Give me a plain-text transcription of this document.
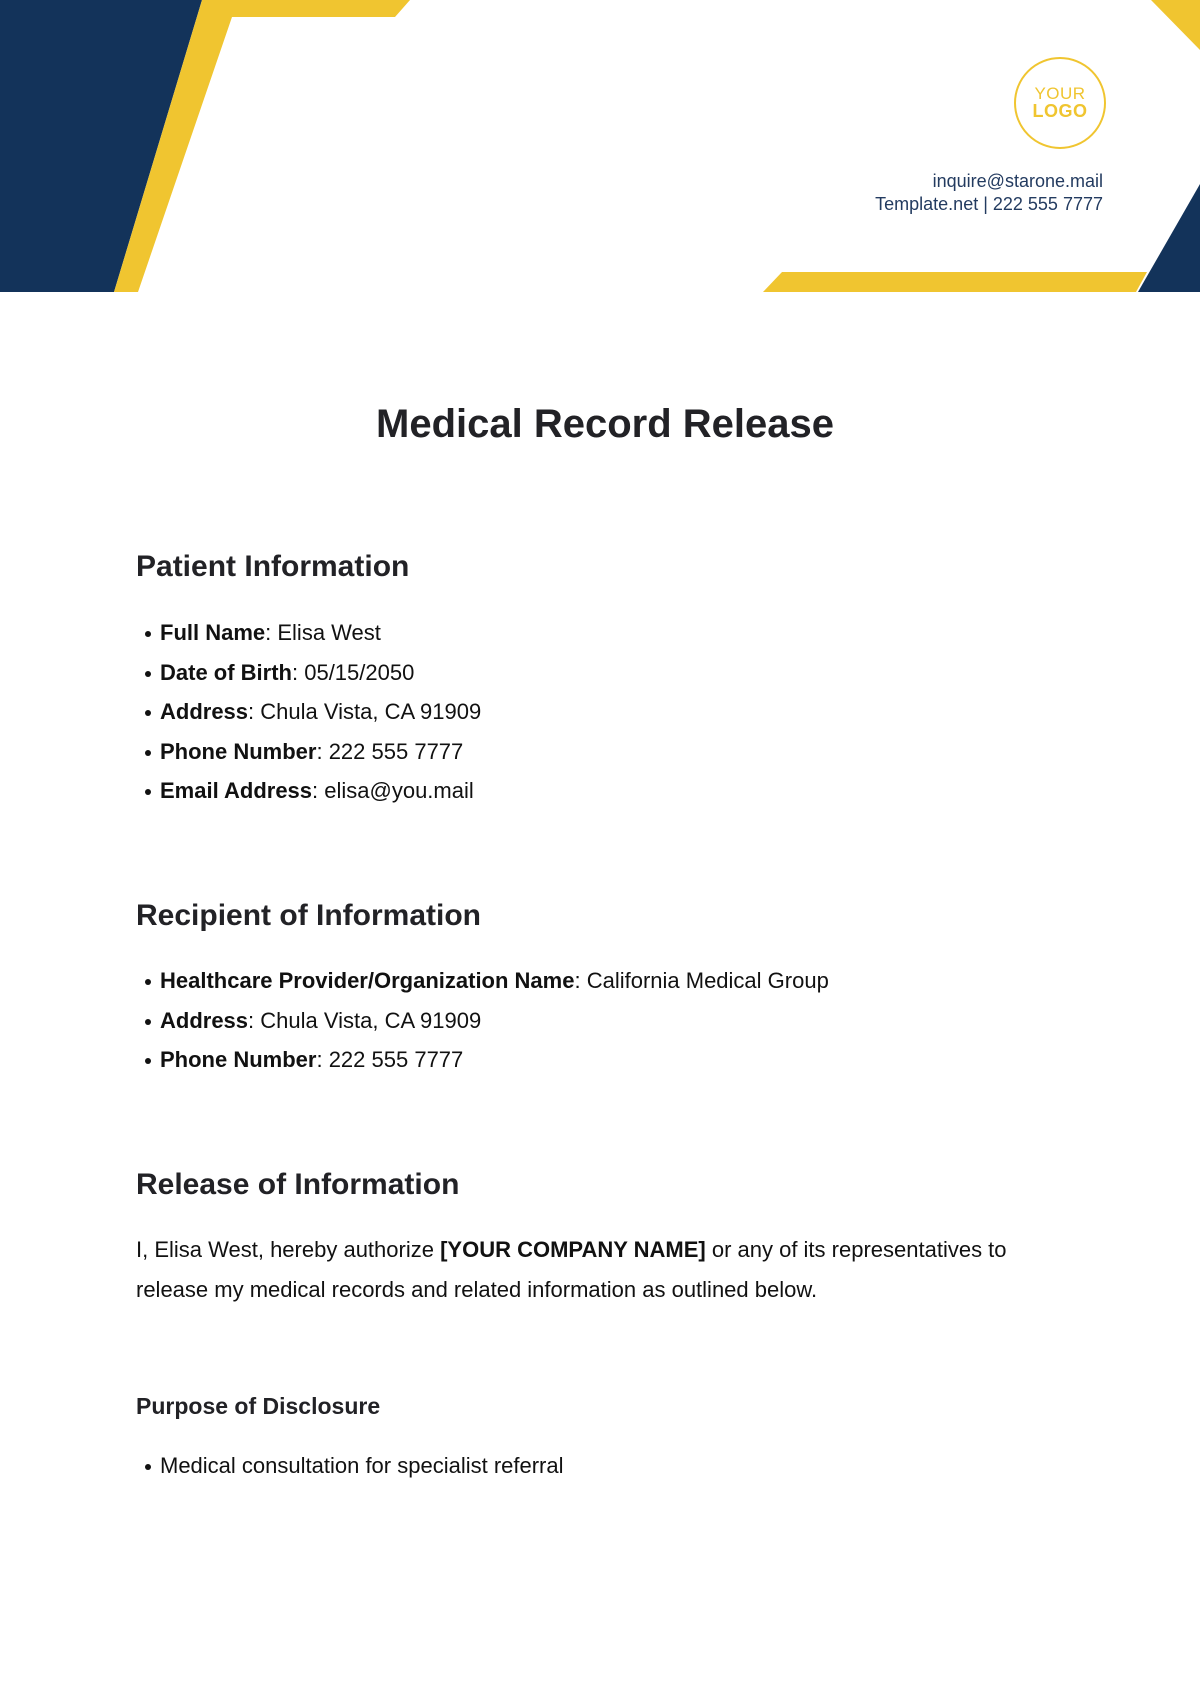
YOUR
LOGO
inquire@starone.mail
Template.net | 222 555 7777
Medical Record Release
Patient Information
Full Name: Elisa West
Date of Birth: 05/15/2050
Address: Chula Vista, CA 91909
Phone Number: 222 555 7777
Email Address: elisa@you.mail
Recipient of Information
Healthcare Provider/Organization Name: California Medical Group
Address: Chula Vista, CA 91909
Phone Number: 222 555 7777
Release of Information

I, Elisa West, hereby authorize [YOUR COMPANY NAME] or any of its representatives to release my medical records and related information as outlined below.

Purpose of Disclosure
Medical consultation for specialist referral
